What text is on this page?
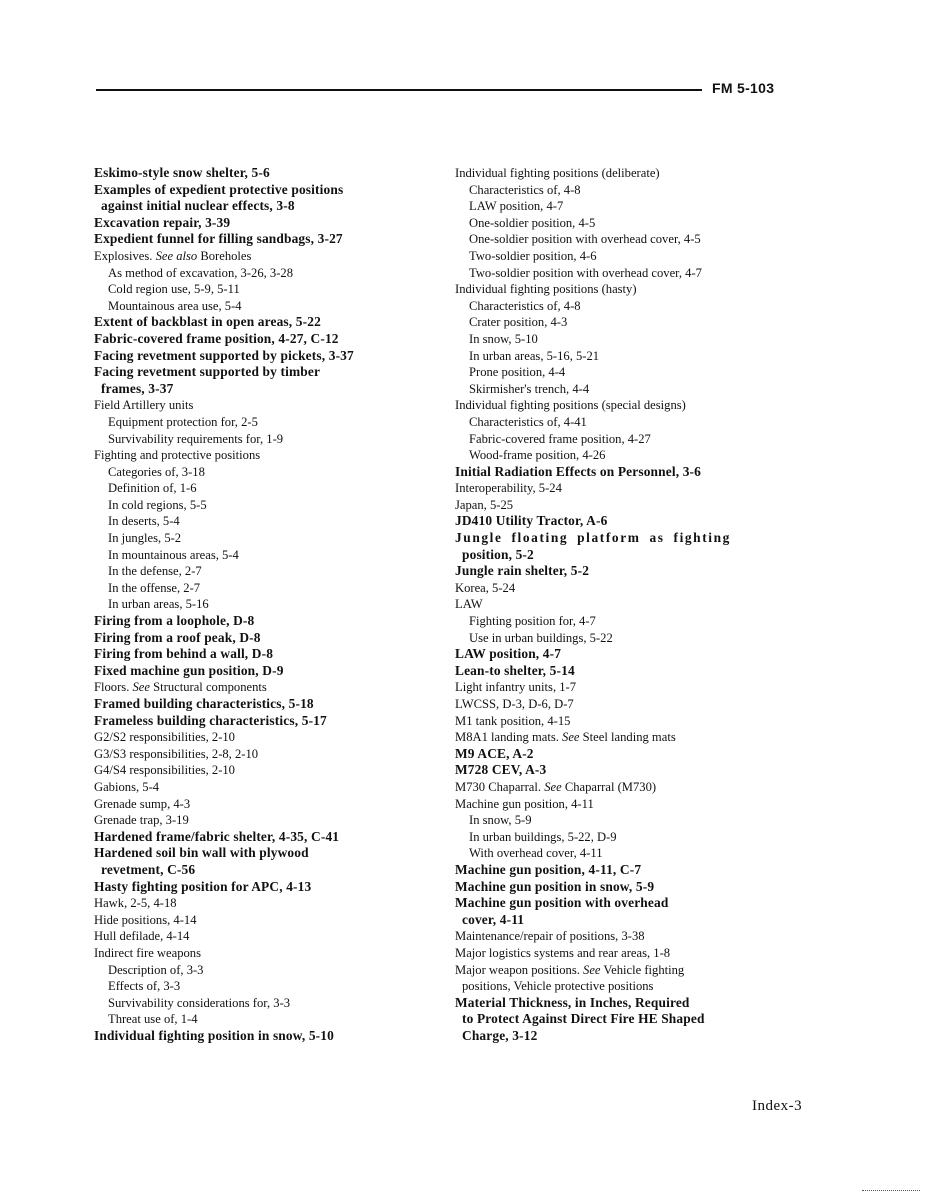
FM 5-103
Eskimo-style snow shelter, 5-6
Examples of expedient protective positions
against initial nuclear effects, 3-8
Excavation repair, 3-39
Expedient funnel for filling sandbags, 3-27
Explosives. See also Boreholes
As method of excavation, 3-26, 3-28
Cold region use, 5-9, 5-11
Mountainous area use, 5-4
Extent of backblast in open areas, 5-22
Fabric-covered frame position, 4-27, C-12
Facing revetment supported by pickets, 3-37
Facing revetment supported by timber
frames, 3-37
Field Artillery units
Equipment protection for, 2-5
Survivability requirements for, 1-9
Fighting and protective positions
Categories of, 3-18
Definition of, 1-6
In cold regions, 5-5
In deserts, 5-4
In jungles, 5-2
In mountainous areas, 5-4
In the defense, 2-7
In the offense, 2-7
In urban areas, 5-16
Firing from a loophole, D-8
Firing from a roof peak, D-8
Firing from behind a wall, D-8
Fixed machine gun position, D-9
Floors. See Structural components
Framed building characteristics, 5-18
Frameless building characteristics, 5-17
G2/S2 responsibilities, 2-10
G3/S3 responsibilities, 2-8, 2-10
G4/S4 responsibilities, 2-10
Gabions, 5-4
Grenade sump, 4-3
Grenade trap, 3-19
Hardened frame/fabric shelter, 4-35, C-41
Hardened soil bin wall with plywood
revetment, C-56
Hasty fighting position for APC, 4-13
Hawk, 2-5, 4-18
Hide positions, 4-14
Hull defilade, 4-14
Indirect fire weapons
Description of, 3-3
Effects of, 3-3
Survivability considerations for, 3-3
Threat use of, 1-4
Individual fighting position in snow, 5-10
Individual fighting positions (deliberate)
Characteristics of, 4-8
LAW position, 4-7
One-soldier position, 4-5
One-soldier position with overhead cover, 4-5
Two-soldier position, 4-6
Two-soldier position with overhead cover, 4-7
Individual fighting positions (hasty)
Characteristics of, 4-8
Crater position, 4-3
In snow, 5-10
In urban areas, 5-16, 5-21
Prone position, 4-4
Skirmisher's trench, 4-4
Individual fighting positions (special designs)
Characteristics of, 4-41
Fabric-covered frame position, 4-27
Wood-frame position, 4-26
Initial Radiation Effects on Personnel, 3-6
Interoperability, 5-24
Japan, 5-25
JD410 Utility Tractor, A-6
Jungle floating platform as fighting
position, 5-2
Jungle rain shelter, 5-2
Korea, 5-24
LAW
Fighting position for, 4-7
Use in urban buildings, 5-22
LAW position, 4-7
Lean-to shelter, 5-14
Light infantry units, 1-7
LWCSS, D-3, D-6, D-7
M1 tank position, 4-15
M8A1 landing mats. See Steel landing mats
M9 ACE, A-2
M728 CEV, A-3
M730 Chaparral. See Chaparral (M730)
Machine gun position, 4-11
In snow, 5-9
In urban buildings, 5-22, D-9
With overhead cover, 4-11
Machine gun position, 4-11, C-7
Machine gun position in snow, 5-9
Machine gun position with overhead
cover, 4-11
Maintenance/repair of positions, 3-38
Major logistics systems and rear areas, 1-8
Major weapon positions. See Vehicle fighting
positions, Vehicle protective positions
Material Thickness, in Inches, Required
to Protect Against Direct Fire HE Shaped
Charge, 3-12
Index-3
